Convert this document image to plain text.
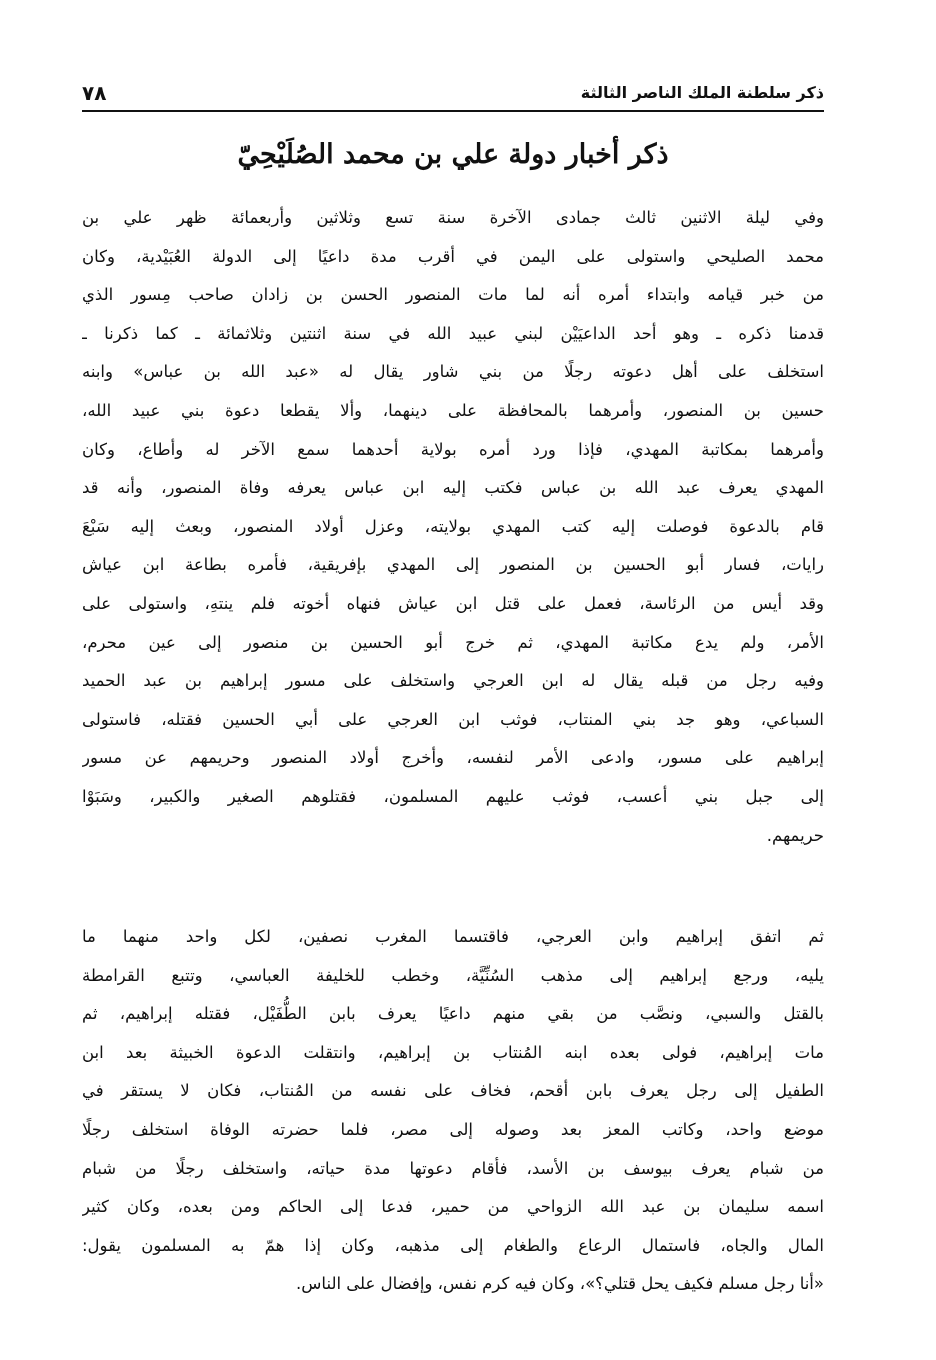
ذكر سلطنة الملك الناصر الثالثة
٧٨
ذكر أخبار دولة علي بن محمد الصُلَيْحِيّ
وفي ليلة الاثنين ثالث جمادى الآخرة سنة تسع وثلاثين وأربعمائة ظهر علي بن
محمد الصليحي واستولى على اليمن في أقرب مدة داعيًا إلى الدولة العُبَيْدية، وكان
من خبر قيامه وابتداء أمره أنه لما مات المنصور الحسن بن زادان صاحب مِسور الذي
قدمنا ذكره ـ وهو أحد الداعيَيْن لبني عبيد الله في سنة اثنتين وثلاثمائة ـ كما ذكرنا ـ
استخلف على أهل دعوته رجلًا من بني شاور يقال له «عبد الله بن عباس» وابنه
حسين بن المنصور، وأمرهما بالمحافظة على دينهما، وألا يقطعا دعوة بني عبيد الله،
وأمرهما بمكاتبة المهدي، فإذا ورد أمره بولاية أحدهما سمع الآخر له وأطاع، وكان
المهدي يعرف عبد الله بن عباس فكتب إليه ابن عباس يعرفه وفاة المنصور، وأنه قد
قام بالدعوة فوصلت إليه كتب المهدي بولايته، وعزل أولاد المنصور، وبعث إليه سَبْعَ
رايات، فسار أبو الحسين بن المنصور إلى المهدي بإفريقية، فأمره بطاعة ابن عياش
وقد أيس من الرئاسة، فعمل على قتل ابن عياش فنهاه أخوته فلم ينتهِ، واستولى على
الأمر، ولم يدع مكاتبة المهدي، ثم خرج أبو الحسين بن منصور إلى عين محرم،
وفيه رجل من قبله يقال له ابن العرجي واستخلف على مسور إبراهيم بن عبد الحميد
السباعي، وهو جد بني المنتاب، فوثب ابن العرجي على أبي الحسين فقتله، فاستولى
إبراهيم على مسور، وادعى الأمر لنفسه، وأخرج أولاد المنصور وحريمهم عن مسور
إلى جبل بني أعسب، فوثب عليهم المسلمون، فقتلوهم الصغير والكبير، وسَبَوْا
حريمهم.
ثم اتفق إبراهيم وابن العرجي، فاقتسما المغرب نصفين، لكل واحد منهما ما
يليه، ورجع إبراهيم إلى مذهب السُنِّيَّة، وخطب للخليفة العباسي، وتتبع القرامطة
بالقتل والسبي، ونصَّب من بقي منهم داعيًا يعرف بابن الطُّفَيْل، فقتله إبراهيم، ثم
مات إبراهيم، فولى بعده ابنه المُنتاب بن إبراهيم، وانتقلت الدعوة الخبيثة بعد ابن
الطفيل إلى رجل يعرف بابن أقحم، فخاف على نفسه من المُنتاب، فكان لا يستقر في
موضع واحد، وكاتب المعز بعد وصوله إلى مصر، فلما حضرته الوفاة استخلف رجلًا
من شبام يعرف بيوسف بن الأسد، فأقام دعوتها مدة حياته، واستخلف رجلًا من شبام
اسمه سليمان بن عبد الله الزواحي من حمير، فدعا إلى الحاكم ومن بعده، وكان كثير
المال والجاه، فاستمال الرعاع والطغام إلى مذهبه، وكان إذا همّ به المسلمون يقول:
«أنا رجل مسلم فكيف يحل قتلي؟»، وكان فيه كرم نفس، وإفضال على الناس.
